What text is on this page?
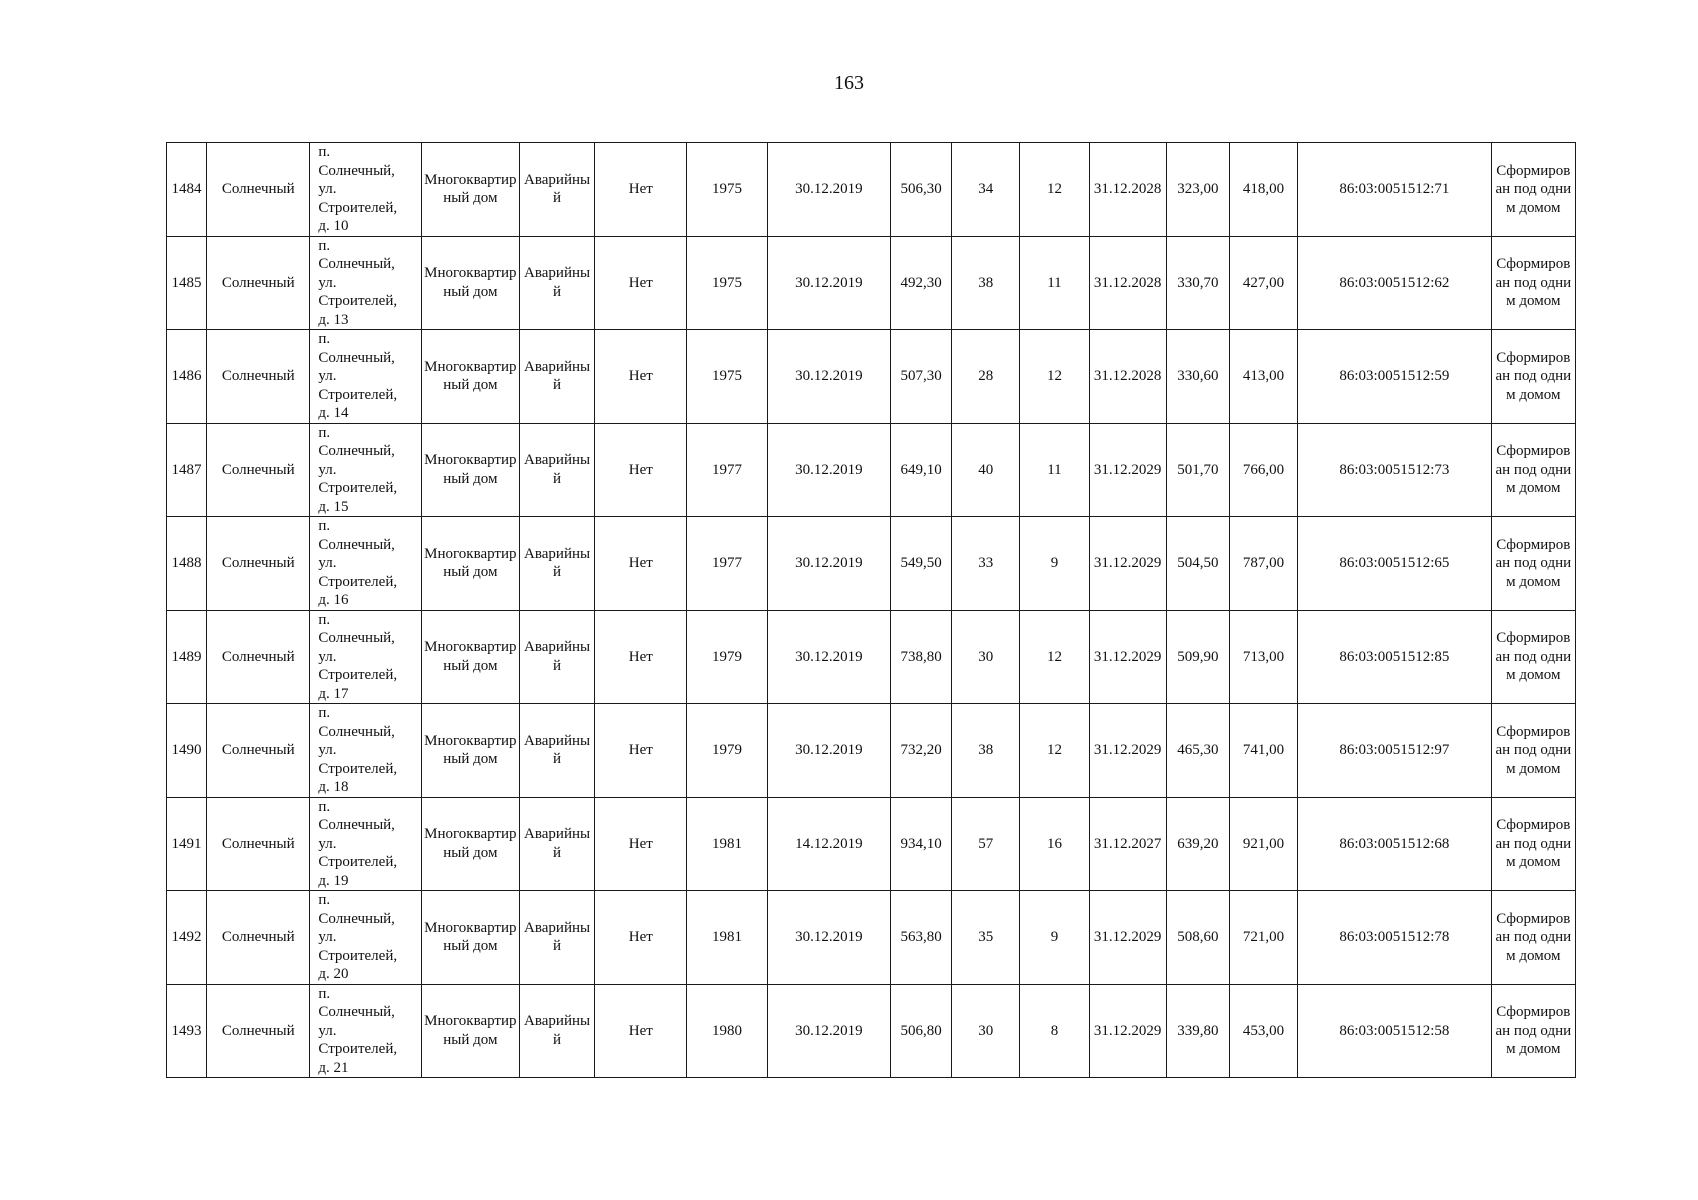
163
1484	Солнечный	п.
Солнечный,
ул.
Строителей,
д. 10	Многоквартирный дом	Аварийный	Нет	1975	30.12.2019	506,30	34	12	31.12.2028	323,00	418,00	86:03:0051512:71	Сформирован под одним домом
1485	Солнечный	п.
Солнечный,
ул.
Строителей,
д. 13	Многоквартирный дом	Аварийный	Нет	1975	30.12.2019	492,30	38	11	31.12.2028	330,70	427,00	86:03:0051512:62	Сформирован под одним домом
1486	Солнечный	п.
Солнечный,
ул.
Строителей,
д. 14	Многоквартирный дом	Аварийный	Нет	1975	30.12.2019	507,30	28	12	31.12.2028	330,60	413,00	86:03:0051512:59	Сформирован под одним домом
1487	Солнечный	п.
Солнечный,
ул.
Строителей,
д. 15	Многоквартирный дом	Аварийный	Нет	1977	30.12.2019	649,10	40	11	31.12.2029	501,70	766,00	86:03:0051512:73	Сформирован под одним домом
1488	Солнечный	п.
Солнечный,
ул.
Строителей,
д. 16	Многоквартирный дом	Аварийный	Нет	1977	30.12.2019	549,50	33	9	31.12.2029	504,50	787,00	86:03:0051512:65	Сформирован под одним домом
1489	Солнечный	п.
Солнечный,
ул.
Строителей,
д. 17	Многоквартирный дом	Аварийный	Нет	1979	30.12.2019	738,80	30	12	31.12.2029	509,90	713,00	86:03:0051512:85	Сформирован под одним домом
1490	Солнечный	п.
Солнечный,
ул.
Строителей,
д. 18	Многоквартирный дом	Аварийный	Нет	1979	30.12.2019	732,20	38	12	31.12.2029	465,30	741,00	86:03:0051512:97	Сформирован под одним домом
1491	Солнечный	п.
Солнечный,
ул.
Строителей,
д. 19	Многоквартирный дом	Аварийный	Нет	1981	14.12.2019	934,10	57	16	31.12.2027	639,20	921,00	86:03:0051512:68	Сформирован под одним домом
1492	Солнечный	п.
Солнечный,
ул.
Строителей,
д. 20	Многоквартирный дом	Аварийный	Нет	1981	30.12.2019	563,80	35	9	31.12.2029	508,60	721,00	86:03:0051512:78	Сформирован под одним домом
1493	Солнечный	п.
Солнечный,
ул.
Строителей,
д. 21	Многоквартирный дом	Аварийный	Нет	1980	30.12.2019	506,80	30	8	31.12.2029	339,80	453,00	86:03:0051512:58	Сформирован под одним домом
